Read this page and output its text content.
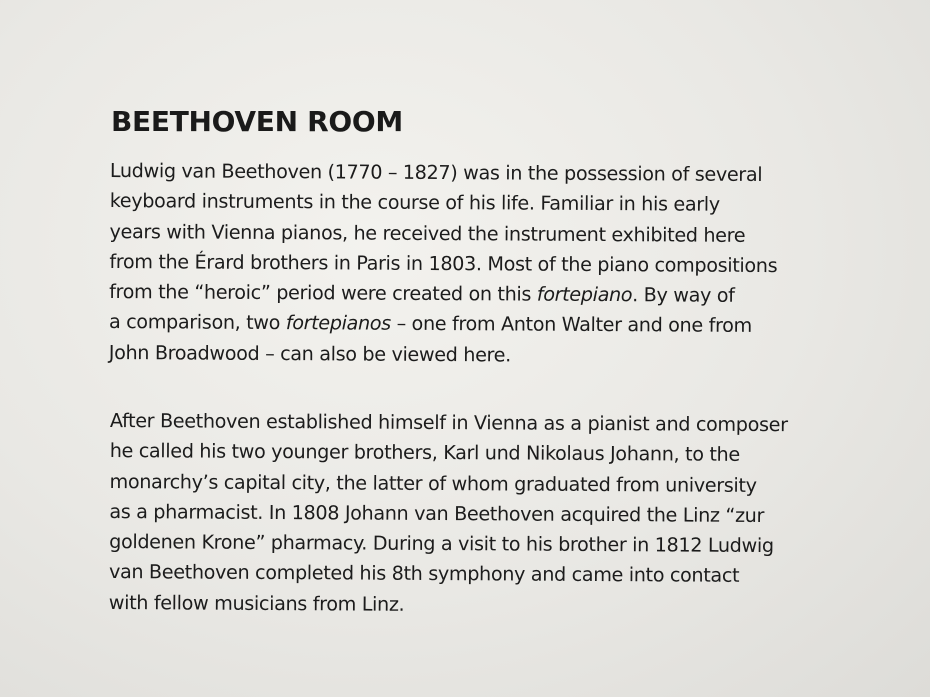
BEETHOVEN ROOM

Ludwig van Beethoven (1770 – 1827) was in the possession of several
keyboard instruments in the course of his life. Familiar in his early
years with Vienna pianos, he received the instrument exhibited here
from the Érard brothers in Paris in 1803. Most of the piano compositions
from the “heroic” period were created on this fortepiano. By way of
a comparison, two fortepianos – one from Anton Walter and one from
John Broadwood – can also be viewed here.

After Beethoven established himself in Vienna as a pianist and composer
he called his two younger brothers, Karl und Nikolaus Johann, to the
monarchy’s capital city, the latter of whom graduated from university
as a pharmacist. In 1808 Johann van Beethoven acquired the Linz “zur
goldenen Krone” pharmacy. During a visit to his brother in 1812 Ludwig
van Beethoven completed his 8th symphony and came into contact
with fellow musicians from Linz.
